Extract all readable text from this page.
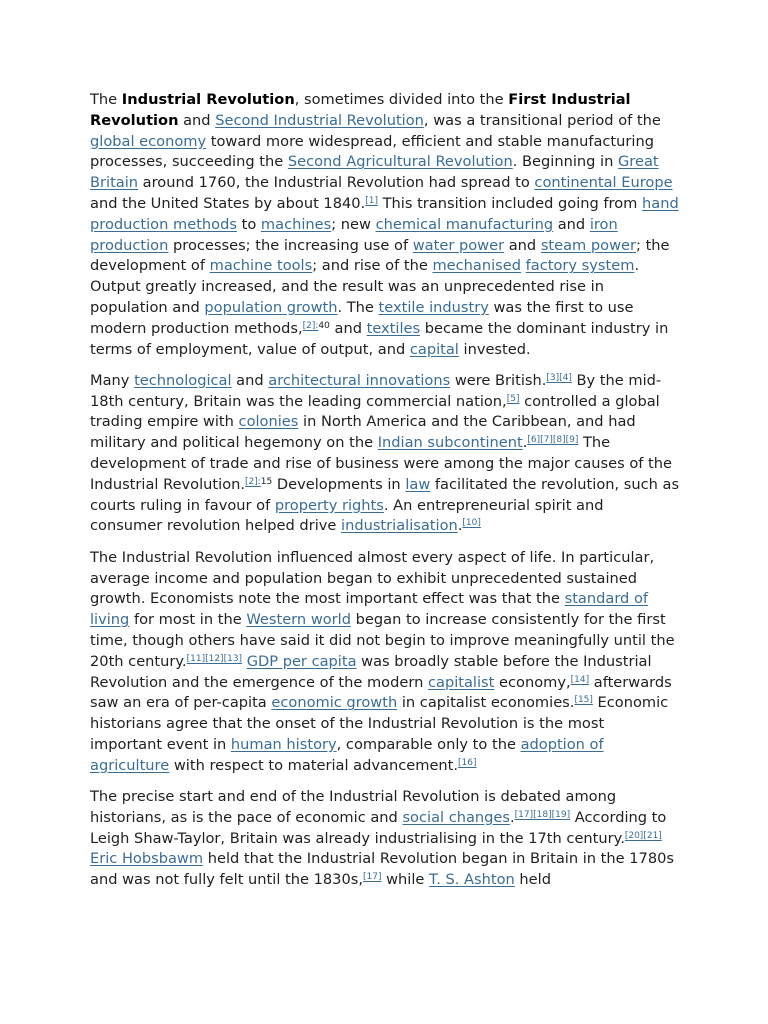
The Industrial Revolution, sometimes divided into the First Industrial Revolution and Second Industrial Revolution, was a transitional period of the global economy toward more widespread, efficient and stable manufacturing processes, succeeding the Second Agricultural Revolution. Beginning in Great Britain around 1760, the Industrial Revolution had spread to continental Europe and the United States by about 1840.[1] This transition included going from hand production methods to machines; new chemical manufacturing and iron production processes; the increasing use of water power and steam power; the development of machine tools; and rise of the mechanised factory system. Output greatly increased, and the result was an unprecedented rise in population and population growth. The textile industry was the first to use modern production methods,$^{[2]:40}$ and textiles became the dominant industry in terms of employment, value of output, and capital invested.

Many technological and architectural innovations were British.[3][4] By the mid-18th century, Britain was the leading commercial nation,[5] controlled a global trading empire with colonies in North America and the Caribbean, and had military and political hegemony on the Indian subcontinent.[6][7][8][9] The development of trade and rise of business were among the major causes of the Industrial Revolution.$^{[2]:15}$ Developments in law facilitated the revolution, such as courts ruling in favour of property rights. An entrepreneurial spirit and consumer revolution helped drive industrialisation.[10]

The Industrial Revolution influenced almost every aspect of life. In particular, average income and population began to exhibit unprecedented sustained growth. Economists note the most important effect was that the standard of living for most in the Western world began to increase consistently for the first time, though others have said it did not begin to improve meaningfully until the 20th century.[11][12][13] GDP per capita was broadly stable before the Industrial Revolution and the emergence of the modern capitalist economy,[14] afterwards saw an era of per-capita economic growth in capitalist economies.[15] Economic historians agree that the onset of the Industrial Revolution is the most important event in human history, comparable only to the adoption of agriculture with respect to material advancement.[16]

The precise start and end of the Industrial Revolution is debated among historians, as is the pace of economic and social changes.[17][18][19] According to Leigh Shaw-Taylor, Britain was already industrialising in the 17th century.[20][21] Eric Hobsbawm held that the Industrial Revolution began in Britain in the 1780s and was not fully felt until the 1830s,[17] while T. S. Ashton held
